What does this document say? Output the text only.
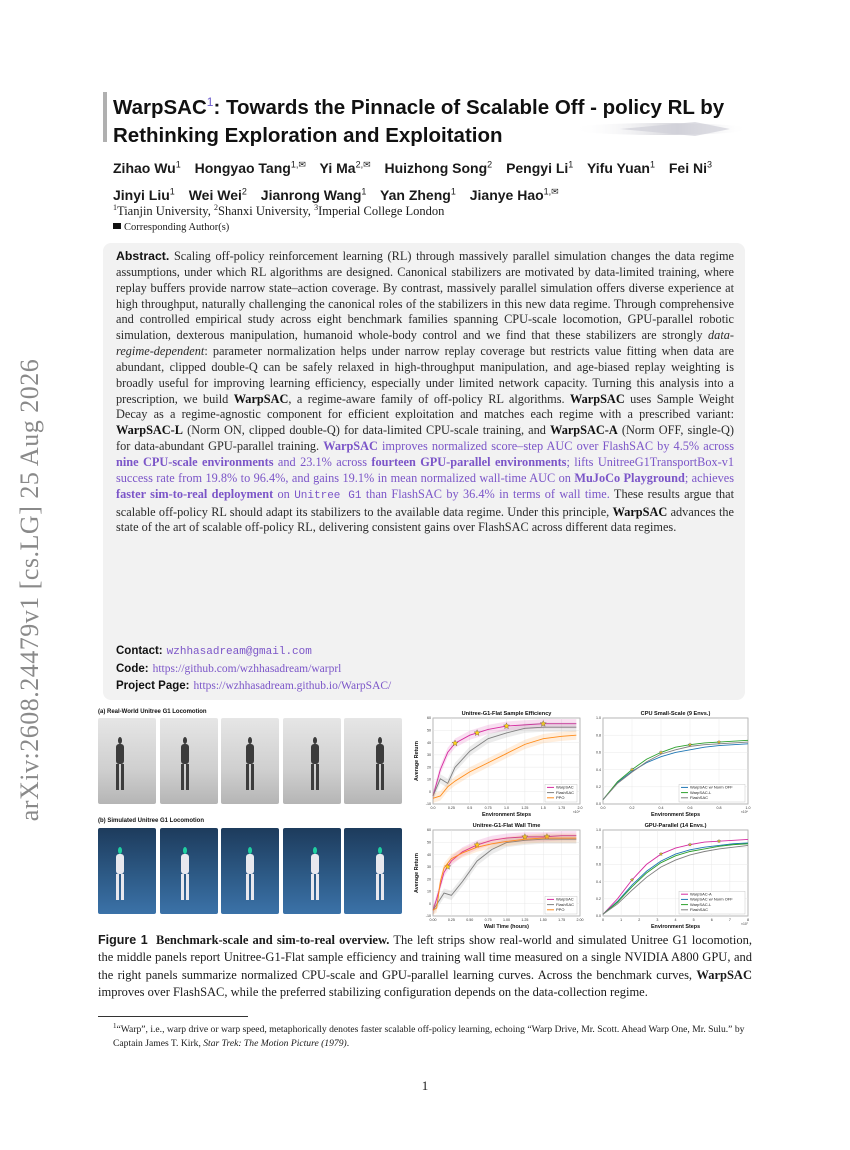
arXiv:2608.24479v1 [cs.LG] 25 Aug 2026
WarpSAC$^1$: Towards the Pinnacle of Scalable Off - policy RL by Rethinking Exploration and Exploitation
Zihao Wu$^1$ Hongyao Tang$^{1,✉}$ Yi $Ma^{2,✉}$ Huizhong Song$^2$ Pengyi Li$^1$ Yifu Yuan$^1$ Fei Ni$^3$ Jinyi Liu$^1$ Wei Wei$^2$ Jianrong Wang$^1$ Yan Zheng$^1$ Jianye Hao$^{1,✉}$
$^1$Tianjin University, $^2$Shanxi University, $^3$Imperial College London
Corresponding Author(s)
Abstract. Scaling off-policy reinforcement learning (RL) through massively parallel simulation changes the data regime assumptions, under which RL algorithms are designed. Canonical stabilizers are motivated by data-limited training, where replay buffers provide narrow state–action coverage. By contrast, massively parallel simulation offers diverse experience at high throughput, naturally challenging the canonical roles of the stabilizers in this new data regime. Through comprehensive and controlled empirical study across eight benchmark families spanning CPU-scale locomotion, GPU-parallel robotic simulation, dexterous manipulation, humanoid whole-body control and we find that these stabilizers are strongly data-regime-dependent: parameter normalization helps under narrow replay coverage but restricts value fitting when data are abundant, clipped double-Q can be safely relaxed in high-throughput manipulation, and age-biased replay weighting is broadly useful for improving learning efficiency, especially under limited network capacity. Turning this analysis into a prescription, we build WarpSAC, a regime-aware family of off-policy RL algorithms. WarpSAC uses Sample Weight Decay as a regime-agnostic component for efficient exploitation and matches each regime with a prescribed variant: WarpSAC-L (Norm ON, clipped double-Q) for data-limited CPU-scale training, and WarpSAC-A (Norm OFF, single-Q) for data-abundant GPU-parallel training. WarpSAC improves normalized score–step AUC over FlashSAC by 4.5% across nine CPU-scale environments and 23.1% across fourteen GPU-parallel environments; lifts UnitreeG1TransportBox-v1 success rate from 19.8% to 96.4%, and gains 19.1% in mean normalized wall-time AUC on MuJoCo Playground; achieves faster sim-to-real deployment on Unitree G1 than FlashSAC by 36.4% in terms of wall time. These results argue that scalable off-policy RL should adapt its stabilizers to the available data regime. Under this principle, WarpSAC advances the state of the art of scalable off-policy RL, delivering consistent gains over FlashSAC across different data regimes.
Contact: wzhhasadream@gmail.com
Code: https://github.com/wzhhasadream/warprl
Project Page: https://wzhhasadream.github.io/WarpSAC/
(a) Real-World Unitree G1 Locomotion
(b) Simulated Unitree G1 Locomotion
Unitree-G1-Flat Sample Efficiency
-10
0
10
20
30
40
50
60
0.0	0.25	0.5	0.75	1.0	1.25	1.5	1.75	2.0
Environment Steps	×10⁸
Average Return
WarpSAC
FlashSAC
PPO
Unitree-G1-Flat Wall Time
-10
0
10
20
30
40
50
60
0.00	0.25	0.50	0.75	1.00	1.25	1.50	1.75	2.00
Wall Time (hours)
Average Return
WarpSAC
FlashSAC
PPO
CPU Small-Scale (9 Envs.)
0.0
0.2
0.4
0.6
0.8
1.0
0.0	0.2	0.4	0.6	0.8	1.0
Environment Steps	×10⁶
WarpSAC w/ Norm OFF
WarpSAC-L
FlashSAC
GPU-Parallel (14 Envs.)
0.0
0.2
0.4
0.6
0.8
1.0
0	1	2	3	4	5	6	7	8
Environment Steps	×10⁷
WarpSAC-A
WarpSAC w/ Norm OFF
WarpSAC-L
FlashSAC
Figure 1 Benchmark-scale and sim-to-real overview. The left strips show real-world and simulated Unitree G1 locomotion, the middle panels report Unitree-G1-Flat sample efficiency and training wall time measured on a single NVIDIA A800 GPU, and the right panels summarize normalized CPU-scale and GPU-parallel learning curves. Across the benchmark curves, WarpSAC improves over FlashSAC, while the preferred stabilizing configuration depends on the data-collection regime.
$^1$“Warp”, i.e., warp drive or warp speed, metaphorically denotes faster scalable off-policy learning, echoing “Warp Drive, Mr. Scott. Ahead Warp One, Mr. Sulu.” by Captain James T. Kirk, Star Trek: The Motion Picture (1979).
1
